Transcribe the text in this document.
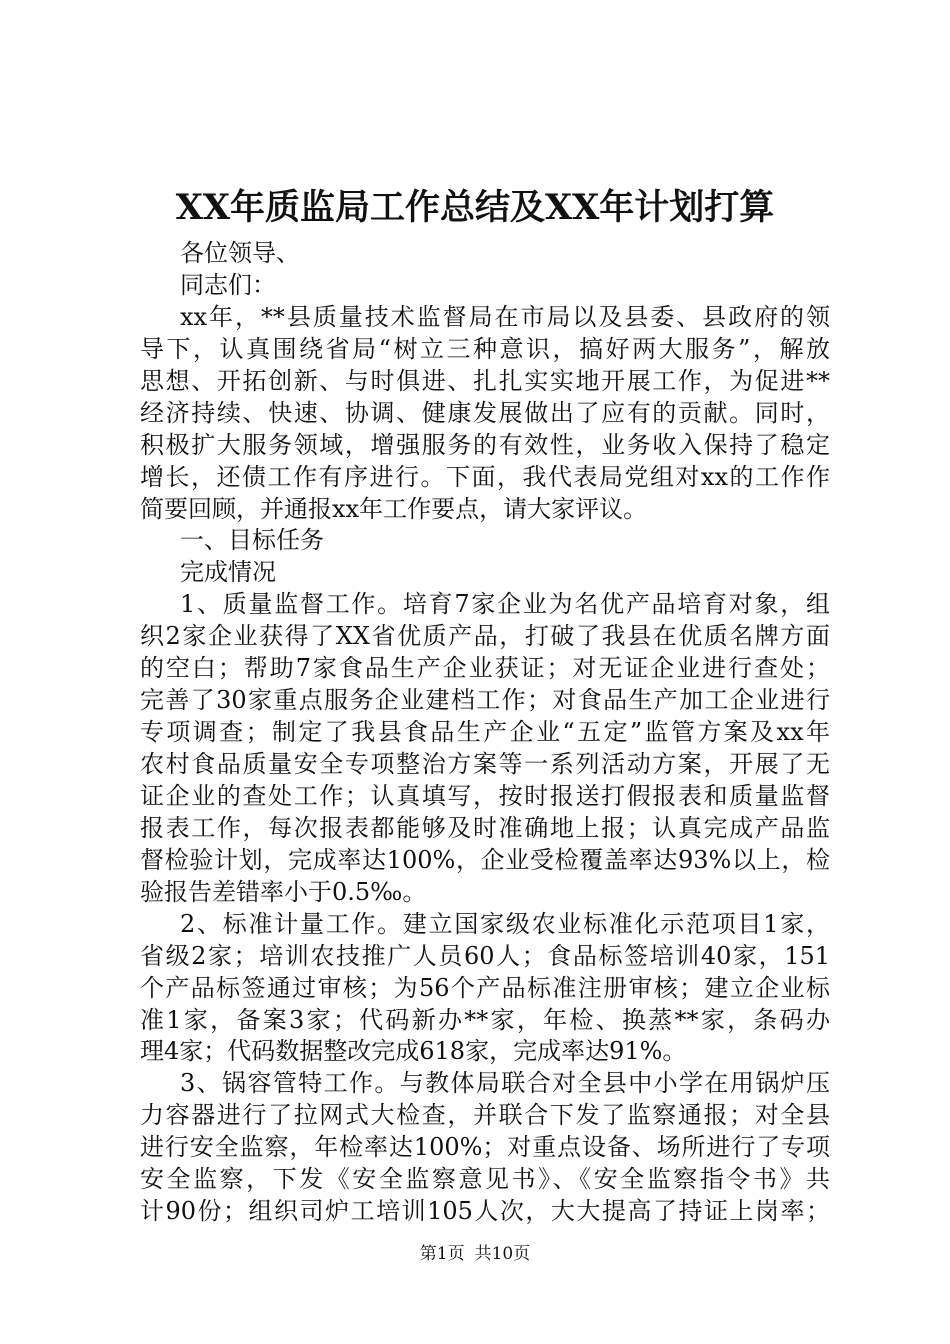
XX年质监局工作总结及XX年计划打算
各位领导、
同志们：
xx年，**县质量技术监督局在市局以及县委、县政府的领
导下，认真围绕省局“树立三种意识，搞好两大服务”，解放
思想、开拓创新、与时俱进、扎扎实实地开展工作，为促进**
经济持续、快速、协调、健康发展做出了应有的贡献。同时，
积极扩大服务领域，增强服务的有效性，业务收入保持了稳定
增长，还债工作有序进行。下面，我代表局党组对xx的工作作
简要回顾，并通报xx年工作要点，请大家评议。
一、目标任务
完成情况
1、质量监督工作。培育7家企业为名优产品培育对象，组
织2家企业获得了XX省优质产品，打破了我县在优质名牌方面
的空白；帮助7家食品生产企业获证；对无证企业进行查处；
完善了30家重点服务企业建档工作；对食品生产加工企业进行
专项调查；制定了我县食品生产企业“五定”监管方案及xx年
农村食品质量安全专项整治方案等一系列活动方案，开展了无
证企业的查处工作；认真填写，按时报送打假报表和质量监督
报表工作，每次报表都能够及时准确地上报；认真完成产品监
督检验计划，完成率达100%，企业受检覆盖率达93%以上，检
验报告差错率小于0.5‰。
2、标准计量工作。建立国家级农业标准化示范项目1家，
省级2家；培训农技推广人员60人；食品标签培训40家，151
个产品标签通过审核；为56个产品标准注册审核；建立企业标
准1家，备案3家；代码新办**家，年检、换蒸**家，条码办
理4家；代码数据整改完成618家，完成率达91%。
3、锅容管特工作。与教体局联合对全县中小学在用锅炉压
力容器进行了拉网式大检查，并联合下发了监察通报；对全县
进行安全监察，年检率达100%；对重点设备、场所进行了专项
安全监察，下发《安全监察意见书》、《安全监察指令书》共
计90份；组织司炉工培训105人次，大大提高了持证上岗率；
第1页 共10页
